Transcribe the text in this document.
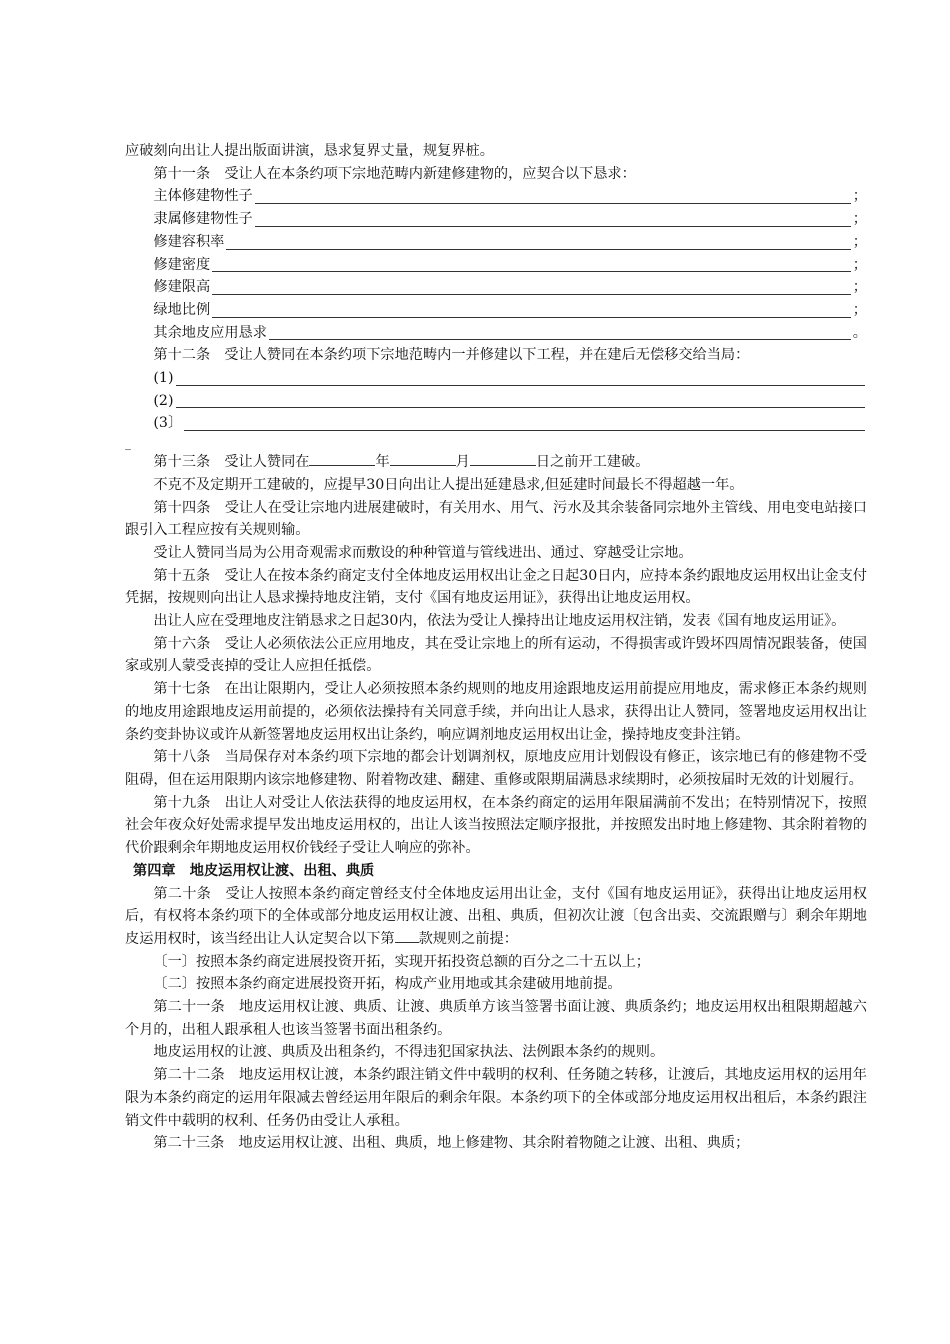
应破刻向出让人提出版面讲演，恳求复界丈量，规复界桩。

第十一条　受让人在本条约项下宗地范畴内新建修建物的，应契合以下恳求：

主体修建物性子	；
隶属修建物性子	；
修建容积率	；
修建密度	；
修建限高	；
绿地比例	；
其余地皮应用恳求	。

第十二条　受让人赞同在本条约项下宗地范畴内一并修建以下工程，并在建后无偿移交给当局：

(1)
(2)
(3〕
_

第十三条　受让人赞同在	年	月	日之前开工建破。

不克不及定期开工建破的，应提早30日向出让人提出延建恳求,但延建时间最长不得超越一年。

第十四条　受让人在受让宗地内进展建破时，有关用水、用气、污水及其余装备同宗地外主管线、用电变电站接口跟引入工程应按有关规则输。

受让人赞同当局为公用奇观需求而敷设的种种管道与管线进出、通过、穿越受让宗地。

第十五条　受让人在按本条约商定支付全体地皮运用权出让金之日起30日内，应持本条约跟地皮运用权出让金支付凭据，按规则向出让人恳求操持地皮注销，支付《国有地皮运用证》，获得出让地皮运用权。

出让人应在受理地皮注销恳求之日起30内，依法为受让人操持出让地皮运用权注销，发表《国有地皮运用证》。

第十六条　受让人必须依法公正应用地皮，其在受让宗地上的所有运动，不得损害或许毁坏四周情况跟装备，使国家或别人蒙受丧掉的受让人应担任抵偿。

第十七条　在出让限期内，受让人必须按照本条约规则的地皮用途跟地皮运用前提应用地皮，需求修正本条约规则的地皮用途跟地皮运用前提的，必须依法操持有关同意手续，并向出让人恳求，获得出让人赞同，签署地皮运用权出让条约变卦协议或许从新签署地皮运用权出让条约，响应调剂地皮运用权出让金，操持地皮变卦注销。

第十八条　当局保存对本条约项下宗地的都会计划调剂权，原地皮应用计划假设有修正，该宗地已有的修建物不受阻碍，但在运用限期内该宗地修建物、附着物改建、翻建、重修或限期届满恳求续期时，必须按届时无效的计划履行。

第十九条　出让人对受让人依法获得的地皮运用权，在本条约商定的运用年限届满前不发出；在特别情况下，按照社会年夜众好处需求提早发出地皮运用权的，出让人该当按照法定顺序报批，并按照发出时地上修建物、其余附着物的代价跟剩余年期地皮运用权价钱经子受让人响应的弥补。

第四章　地皮运用权让渡、出租、典质

第二十条　受让人按照本条约商定曾经支付全体地皮运用出让金，支付《国有地皮运用证》，获得出让地皮运用权后，有权将本条约项下的全体或部分地皮运用权让渡、出租、典质，但初次让渡〔包含出卖、交流跟赠与〕剩余年期地皮运用权时，该当经出让人认定契合以下第 款规则之前提：

〔一〕按照本条约商定进展投资开拓，实现开拓投资总额的百分之二十五以上；

〔二〕按照本条约商定进展投资开拓，构成产业用地或其余建破用地前提。

第二十一条　地皮运用权让渡、典质、让渡、典质单方该当签署书面让渡、典质条约；地皮运用权出租限期超越六个月的，出租人跟承租人也该当签署书面出租条约。

地皮运用权的让渡、典质及出租条约，不得违犯国家执法、法例跟本条约的规则。

第二十二条　地皮运用权让渡，本条约跟注销文件中载明的权利、任务随之转移，让渡后，其地皮运用权的运用年限为本条约商定的运用年限减去曾经运用年限后的剩余年限。本条约项下的全体或部分地皮运用权出租后，本条约跟注销文件中载明的权利、任务仍由受让人承租。

第二十三条　地皮运用权让渡、出租、典质，地上修建物、其余附着物随之让渡、出租、典质；
